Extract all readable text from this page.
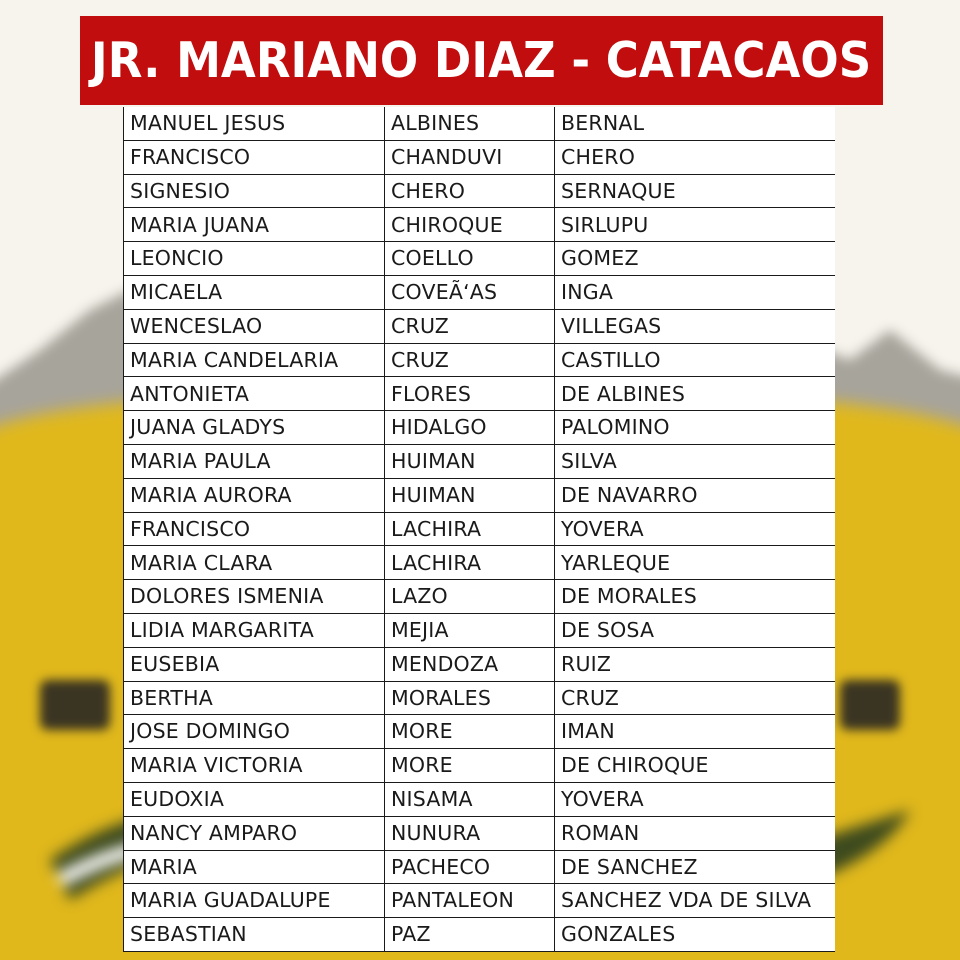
JR. MARIANO DIAZ - CATACAOS
MANUEL JESUS	ALBINES	BERNAL
FRANCISCO	CHANDUVI	CHERO
SIGNESIO	CHERO	SERNAQUE
MARIA JUANA	CHIROQUE	SIRLUPU
LEONCIO	COELLO	GOMEZ
MICAELA	COVEÃ‘AS	INGA
WENCESLAO	CRUZ	VILLEGAS
MARIA CANDELARIA	CRUZ	CASTILLO
ANTONIETA	FLORES	DE ALBINES
JUANA GLADYS	HIDALGO	PALOMINO
MARIA PAULA	HUIMAN	SILVA
MARIA AURORA	HUIMAN	DE NAVARRO
FRANCISCO	LACHIRA	YOVERA
MARIA CLARA	LACHIRA	YARLEQUE
DOLORES ISMENIA	LAZO	DE MORALES
LIDIA MARGARITA	MEJIA	DE SOSA
EUSEBIA	MENDOZA	RUIZ
BERTHA	MORALES	CRUZ
JOSE DOMINGO	MORE	IMAN
MARIA VICTORIA	MORE	DE CHIROQUE
EUDOXIA	NISAMA	YOVERA
NANCY AMPARO	NUNURA	ROMAN
MARIA	PACHECO	DE SANCHEZ
MARIA GUADALUPE	PANTALEON	SANCHEZ VDA DE SILVA
SEBASTIAN	PAZ	GONZALES
